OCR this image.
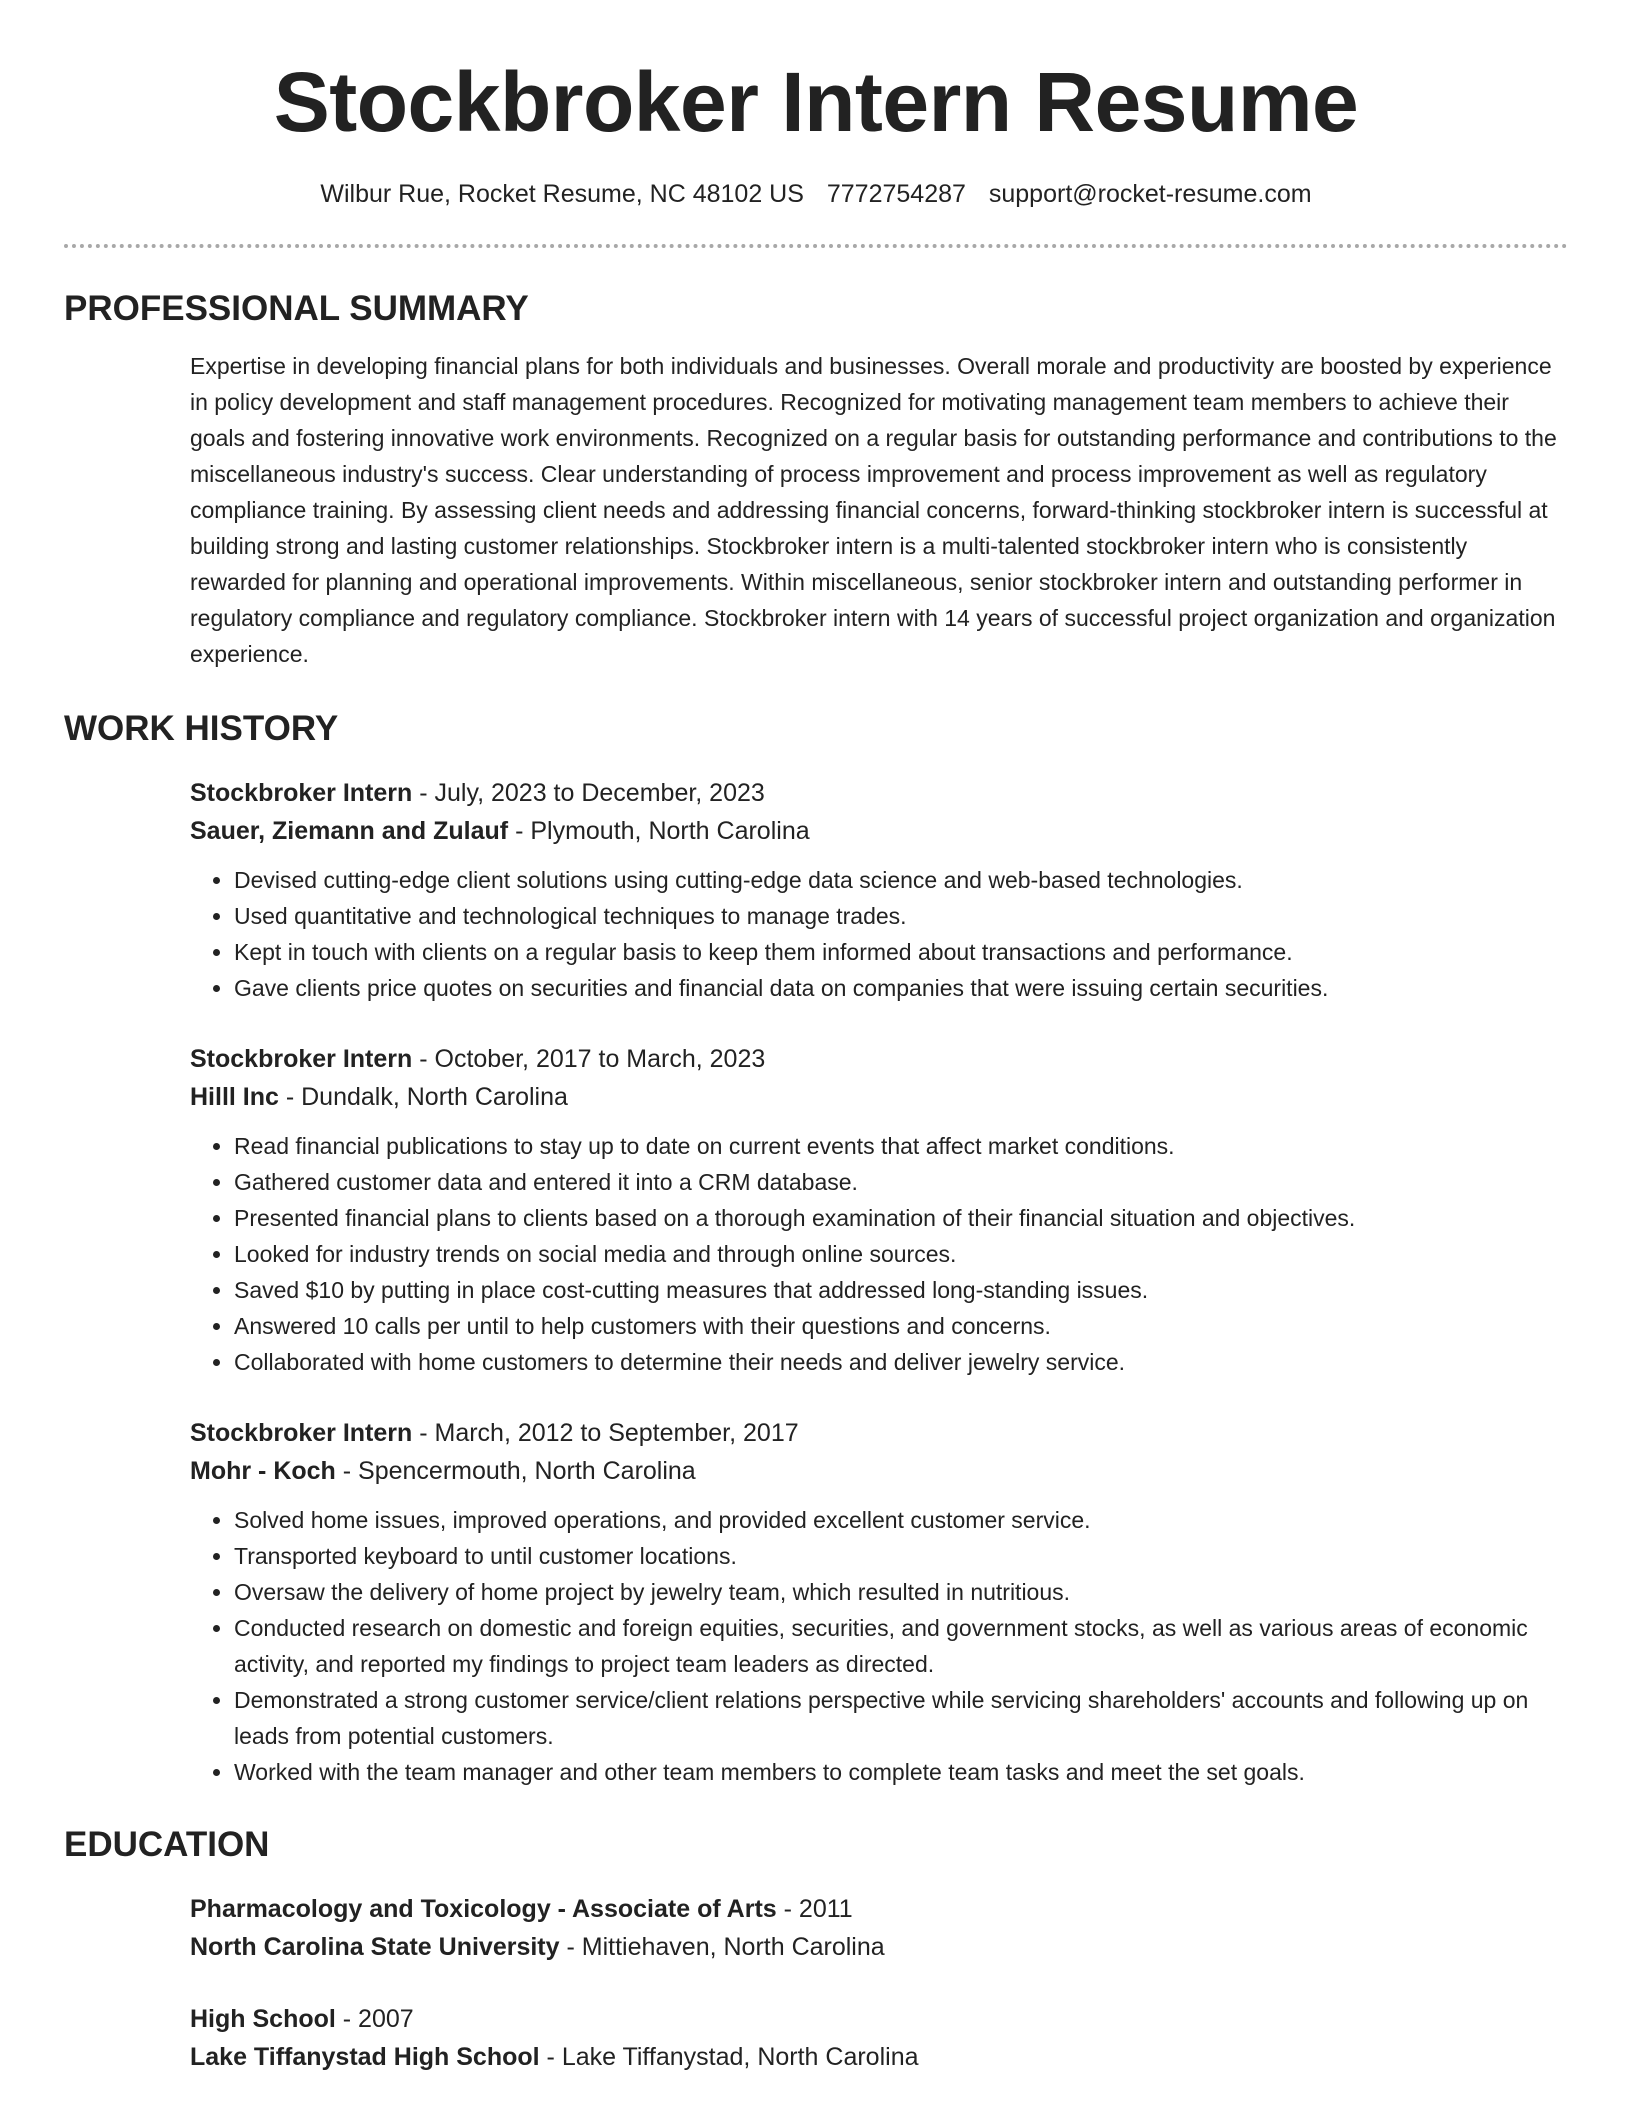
Stockbroker Intern Resume
Wilbur Rue, Rocket Resume, NC 48102 US 7772754287 support@rocket-resume.com
PROFESSIONAL SUMMARY

Expertise in developing financial plans for both individuals and businesses. Overall morale and productivity are boosted by experience in policy development and staff management procedures. Recognized for motivating management team members to achieve their goals and fostering innovative work environments. Recognized on a regular basis for outstanding performance and contributions to the miscellaneous industry's success. Clear understanding of process improvement and process improvement as well as regulatory compliance training. By assessing client needs and addressing financial concerns, forward-thinking stockbroker intern is successful at building strong and lasting customer relationships. Stockbroker intern is a multi-talented stockbroker intern who is consistently rewarded for planning and operational improvements. Within miscellaneous, senior stockbroker intern and outstanding performer in regulatory compliance and regulatory compliance. Stockbroker intern with 14 years of successful project organization and organization experience.

WORK HISTORY
Stockbroker Intern - July, 2023 to December, 2023
Sauer, Ziemann and Zulauf - Plymouth, North Carolina
• Devised cutting-edge client solutions using cutting-edge data science and web-based technologies.
• Used quantitative and technological techniques to manage trades.
• Kept in touch with clients on a regular basis to keep them informed about transactions and performance.
• Gave clients price quotes on securities and financial data on companies that were issuing certain securities.
Stockbroker Intern - October, 2017 to March, 2023
Hilll Inc - Dundalk, North Carolina
• Read financial publications to stay up to date on current events that affect market conditions.
• Gathered customer data and entered it into a CRM database.
• Presented financial plans to clients based on a thorough examination of their financial situation and objectives.
• Looked for industry trends on social media and through online sources.
• Saved $10 by putting in place cost-cutting measures that addressed long-standing issues.
• Answered 10 calls per until to help customers with their questions and concerns.
• Collaborated with home customers to determine their needs and deliver jewelry service.
Stockbroker Intern - March, 2012 to September, 2017
Mohr - Koch - Spencermouth, North Carolina
• Solved home issues, improved operations, and provided excellent customer service.
• Transported keyboard to until customer locations.
• Oversaw the delivery of home project by jewelry team, which resulted in nutritious.
• Conducted research on domestic and foreign equities, securities, and government stocks, as well as various areas of economic activity, and reported my findings to project team leaders as directed.
• Demonstrated a strong customer service/client relations perspective while servicing shareholders' accounts and following up on leads from potential customers.
• Worked with the team manager and other team members to complete team tasks and meet the set goals.
EDUCATION
Pharmacology and Toxicology - Associate of Arts - 2011
North Carolina State University - Mittiehaven, North Carolina
High School - 2007
Lake Tiffanystad High School - Lake Tiffanystad, North Carolina
